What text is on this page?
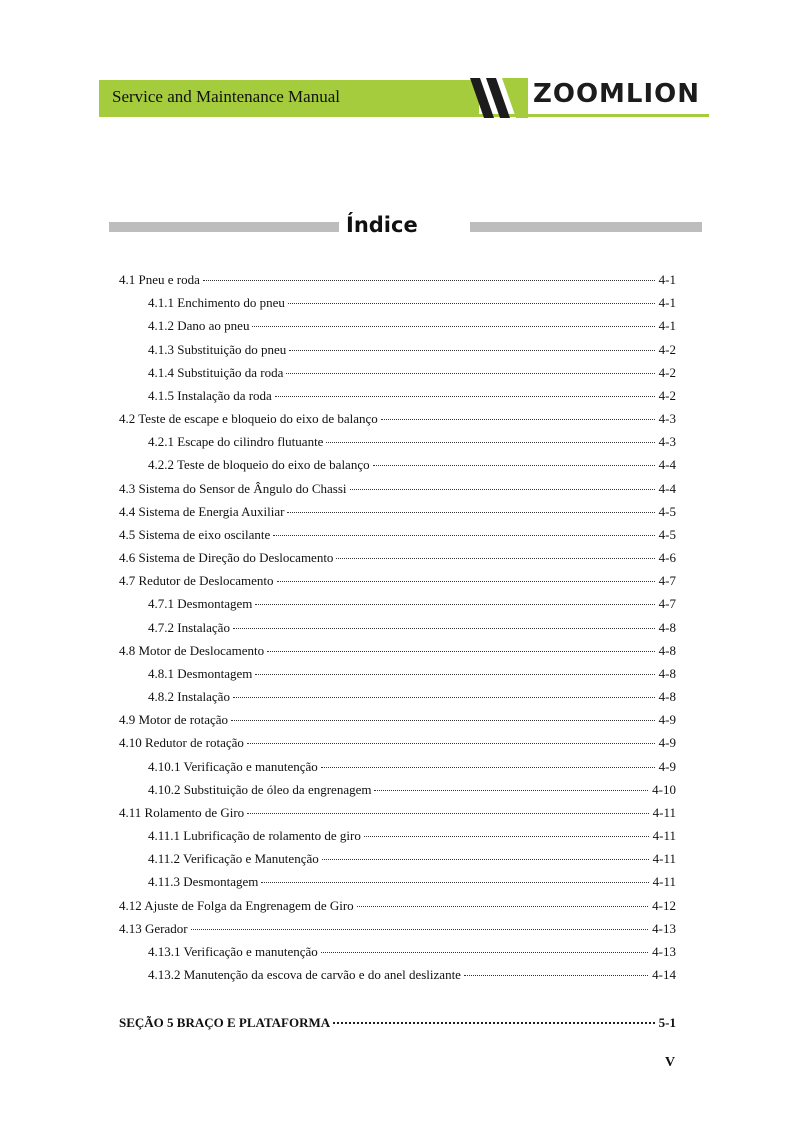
Service and Maintenance Manual	ZOOMLION
Índice
4.1 Pneu e roda	4-1
4.1.1 Enchimento do pneu	4-1
4.1.2 Dano ao pneu	4-1
4.1.3 Substituição do pneu	4-2
4.1.4 Substituição da roda	4-2
4.1.5 Instalação da roda	4-2
4.2 Teste de escape e bloqueio do eixo de balanço	4-3
4.2.1 Escape do cilindro flutuante	4-3
4.2.2 Teste de bloqueio do eixo de balanço	4-4
4.3 Sistema do Sensor de Ângulo do Chassi	4-4
4.4 Sistema de Energia Auxiliar	4-5
4.5 Sistema de eixo oscilante	4-5
4.6 Sistema de Direção do Deslocamento	4-6
4.7 Redutor de Deslocamento	4-7
4.7.1 Desmontagem	4-7
4.7.2 Instalação	4-8
4.8 Motor de Deslocamento	4-8
4.8.1 Desmontagem	4-8
4.8.2 Instalação	4-8
4.9 Motor de rotação	4-9
4.10 Redutor de rotação	4-9
4.10.1 Verificação e manutenção	4-9
4.10.2 Substituição de óleo da engrenagem	4-10
4.11 Rolamento de Giro	4-11
4.11.1 Lubrificação de rolamento de giro	4-11
4.11.2 Verificação e Manutenção	4-11
4.11.3 Desmontagem	4-11
4.12 Ajuste de Folga da Engrenagem de Giro	4-12
4.13 Gerador	4-13
4.13.1 Verificação e manutenção	4-13
4.13.2 Manutenção da escova de carvão e do anel deslizante	4-14
SEÇÃO 5 BRAÇO E PLATAFORMA	5-1
V
